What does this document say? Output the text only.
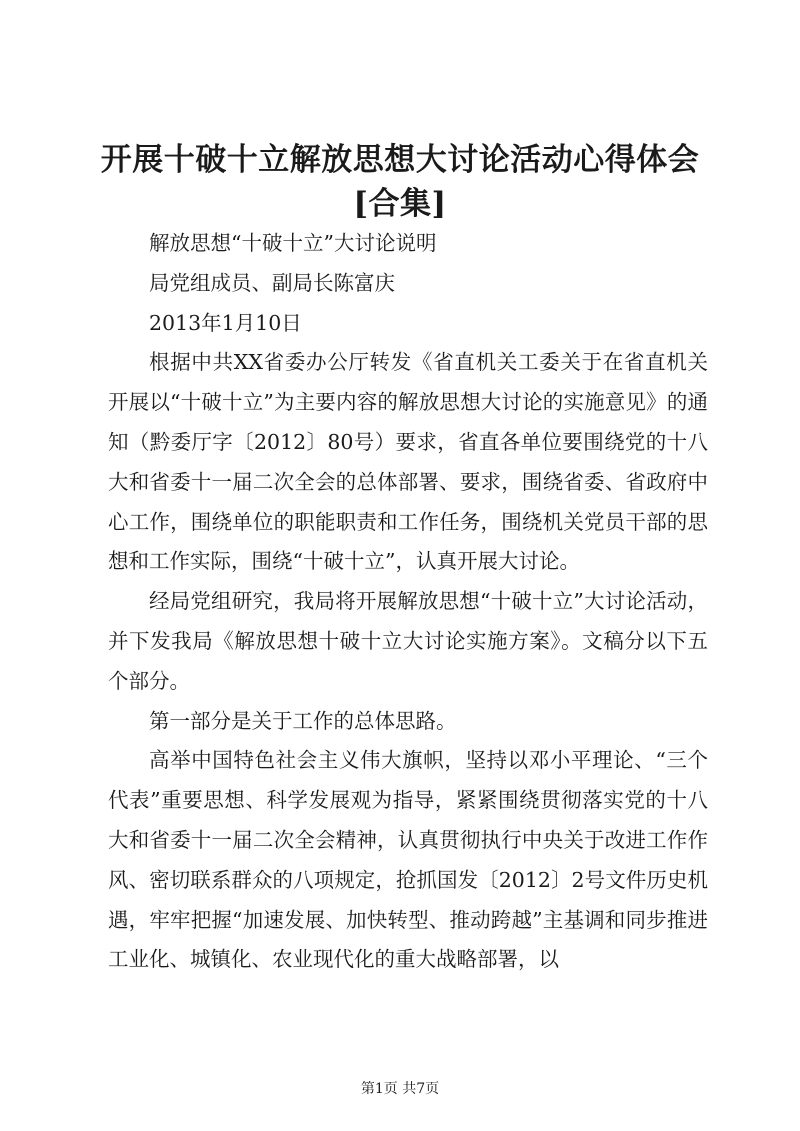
开展十破十立解放思想大讨论活动心得体会[合集]

解放思想“十破十立”大讨论说明

局党组成员、副局长陈富庆

2013年1月10日

根据中共XX省委办公厅转发《省直机关工委关于在省直机关开展以“十破十立”为主要内容的解放思想大讨论的实施意见》的通知（黔委厅字〔2012〕80号）要求，省直各单位要围绕党的十八大和省委十一届二次全会的总体部署、要求，围绕省委、省政府中心工作，围绕单位的职能职责和工作任务，围绕机关党员干部的思想和工作实际，围绕“十破十立”，认真开展大讨论。

经局党组研究，我局将开展解放思想“十破十立”大讨论活动，并下发我局《解放思想十破十立大讨论实施方案》。文稿分以下五个部分。

第一部分是关于工作的总体思路。

高举中国特色社会主义伟大旗帜，坚持以邓小平理论、“三个代表”重要思想、科学发展观为指导，紧紧围绕贯彻落实党的十八大和省委十一届二次全会精神，认真贯彻执行中央关于改进工作作风、密切联系群众的八项规定，抢抓国发〔2012〕2号文件历史机遇，牢牢把握“加速发展、加快转型、推动跨越”主基调和同步推进工业化、城镇化、农业现代化的重大战略部署，以

第1页 共7页
